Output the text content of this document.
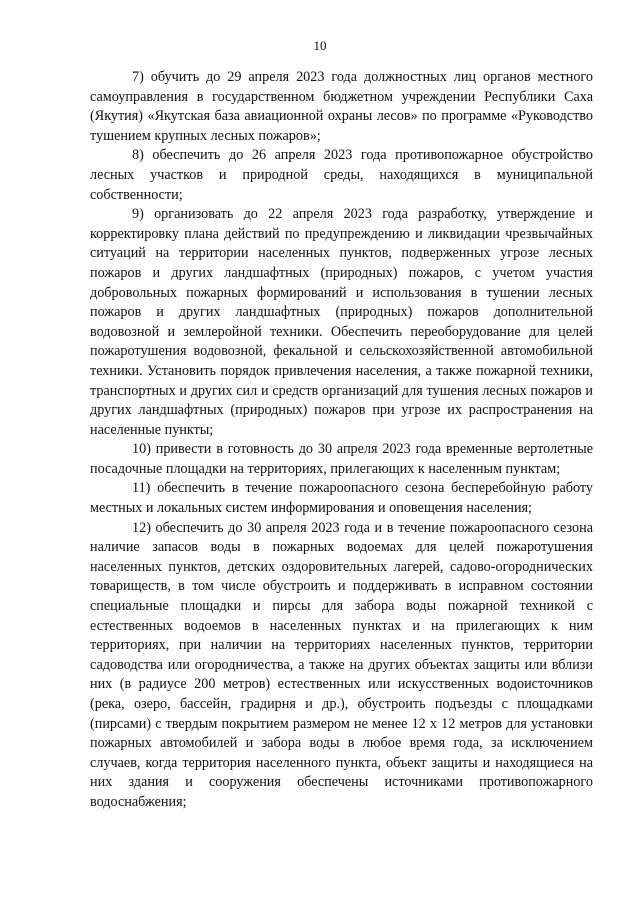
10

7) обучить до 29 апреля 2023 года должностных лиц органов местного самоуправления в государственном бюджетном учреждении Республики Саха (Якутия) «Якутская база авиационной охраны лесов» по программе «Руководство тушением крупных лесных пожаров»;

8) обеспечить до 26 апреля 2023 года противопожарное обустройство лесных участков и природной среды, находящихся в муниципальной собственности;

9) организовать до 22 апреля 2023 года разработку, утверждение и корректировку плана действий по предупреждению и ликвидации чрезвычайных ситуаций на территории населенных пунктов, подверженных угрозе лесных пожаров и других ландшафтных (природных) пожаров, с учетом участия добровольных пожарных формирований и использования в тушении лесных пожаров и других ландшафтных (природных) пожаров дополнительной водовозной и землеройной техники. Обеспечить переоборудование для целей пожаротушения водовозной, фекальной и сельскохозяйственной автомобильной техники. Установить порядок привлечения населения, а также пожарной техники, транспортных и других сил и средств организаций для тушения лесных пожаров и других ландшафтных (природных) пожаров при угрозе их распространения на населенные пункты;

10) привести в готовность до 30 апреля 2023 года временные вертолетные посадочные площадки на территориях, прилегающих к населенным пунктам;

11) обеспечить в течение пожароопасного сезона бесперебойную работу местных и локальных систем информирования и оповещения населения;

12) обеспечить до 30 апреля 2023 года и в течение пожароопасного сезона наличие запасов воды в пожарных водоемах для целей пожаротушения населенных пунктов, детских оздоровительных лагерей, садово-огороднических товариществ, в том числе обустроить и поддерживать в исправном состоянии специальные площадки и пирсы для забора воды пожарной техникой с естественных водоемов в населенных пунктах и на прилегающих к ним территориях, при наличии на территориях населенных пунктов, территории садоводства или огородничества, а также на других объектах защиты или вблизи них (в радиусе 200 метров) естественных или искусственных водоисточников (река, озеро, бассейн, градирня и др.), обустроить подъезды с площадками (пирсами) с твердым покрытием размером не менее 12 х 12 метров для установки пожарных автомобилей и забора воды в любое время года, за исключением случаев, когда территория населенного пункта, объект защиты и находящиеся на них здания и сооружения обеспечены источниками противопожарного водоснабжения;
